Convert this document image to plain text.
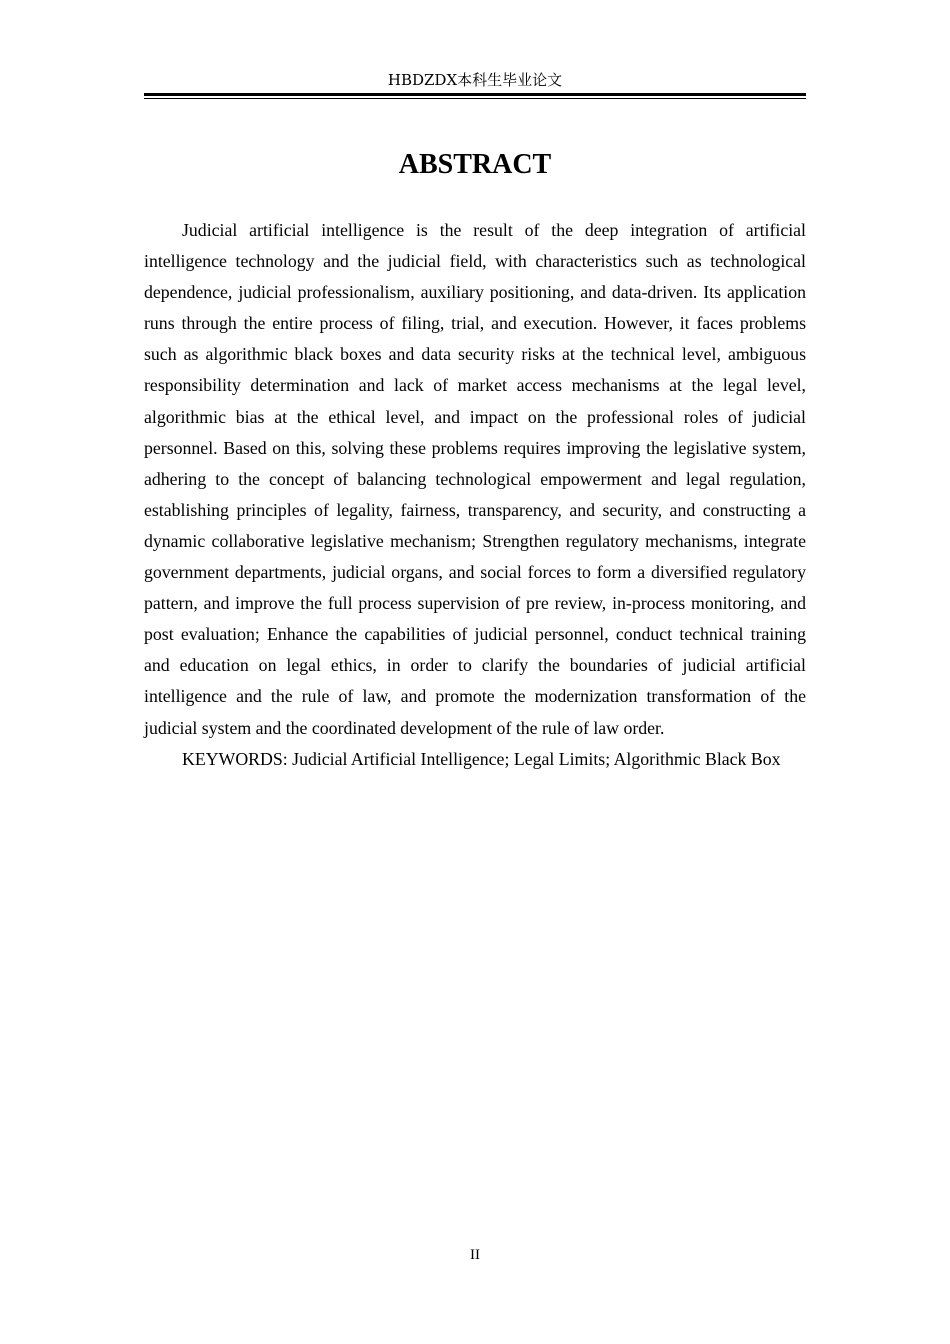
HBDZDX本科生毕业论文
ABSTRACT

Judicial artificial intelligence is the result of the deep integration of artificial intelligence technology and the judicial field, with characteristics such as technological dependence, judicial professionalism, auxiliary positioning, and data-driven. Its application runs through the entire process of filing, trial, and execution. However, it faces problems such as algorithmic black boxes and data security risks at the technical level, ambiguous responsibility determination and lack of market access mechanisms at the legal level, algorithmic bias at the ethical level, and impact on the professional roles of judicial personnel. Based on this, solving these problems requires improving the legislative system, adhering to the concept of balancing technological empowerment and legal regulation, establishing principles of legality, fairness, transparency, and security, and constructing a dynamic collaborative legislative mechanism; Strengthen regulatory mechanisms, integrate government departments, judicial organs, and social forces to form a diversified regulatory pattern, and improve the full process supervision of pre review, in-process monitoring, and post evaluation; Enhance the capabilities of judicial personnel, conduct technical training and education on legal ethics, in order to clarify the boundaries of judicial artificial intelligence and the rule of law, and promote the modernization transformation of the judicial system and the coordinated development of the rule of law order.

KEYWORDS: Judicial Artificial Intelligence; Legal Limits; Algorithmic Black Box

II
